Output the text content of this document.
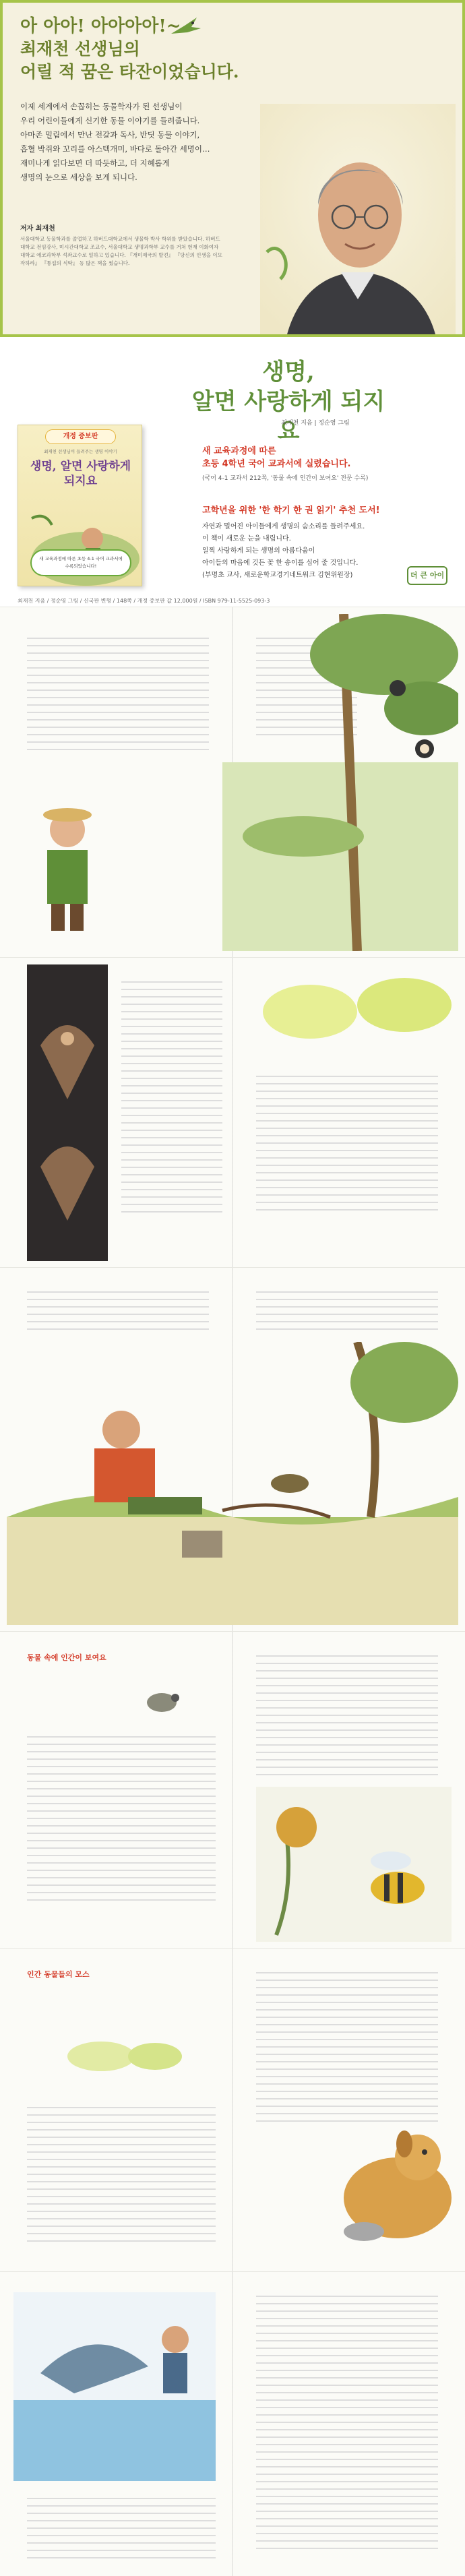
아 아아! 아아아아!~
최재천 선생님의
어릴 적 꿈은 타잔이었습니다.
이제 세계에서 손꼽히는 동물학자가 된 선생님이
우리 어린이들에게 신기한 동물 이야기를 들려줍니다.
아마존 밀림에서 만난 전갈과 독사, 반딧 동물 이야기,
흡혈 박쥐와 꼬리를 아스텍개미, 바다로 돌아간 세명이…
재미나게 읽다보면 더 따듯하고, 더 지혜롭게
생명의 눈으로 세상을 보게 되니다.
저자 최재천
서울대학교 동물학과를 졸업하고 하버드대학교에서 생물학 박사 학위를 받았습니다. 하버드대학교 전임강사, 미시간대학교 조교수, 서울대학교 생명과학부 교수를 거쳐 현재 이화여자대학교 에코과학부 석좌교수로 일하고 있습니다. 『개미제국의 발견』 『당신의 인생을 이모작하라』 『통섭의 식탁』 등 많은 책을 썼습니다.
개정 증보판
최재천 선생님이 들려주는 생명 이야기
생명, 알면 사랑하게 되지요
새 교육과정에 따른 초등 4-1 국어 교과서에 수록되었습니다!
생명,
알면 사랑하게 되지요
최재천 지음 | 정순영 그림
새 교육과정에 따른
초등 4학년 국어 교과서에 실렸습니다.
(국어 4-1 교과서 212쪽, '동물 속에 인간이 보여요' 전문 수록)
고학년을 위한 '한 학기 한 권 읽기' 추천 도서!
자연과 멀어진 아이들에게 생명의 숨소리를 들려주세요.
이 책이 새로운 눈을 내립니다.
일찍 사랑하게 되는 생명의 아름다움이
아이들의 마음에 깃든 꽃 한 송이를 심어 줄 것입니다.
(부명초 교사, 새로운학교경기네트워크 김현위원장)	더 큰 아이
최재천 지음 / 정순영 그림 / 신국판 변형 / 148쪽 / 개정 증보판 값 12,000원 / ISBN 979-11-5525-093-3
동물 속에 인간이 보여요
인간 동물들의 모스
